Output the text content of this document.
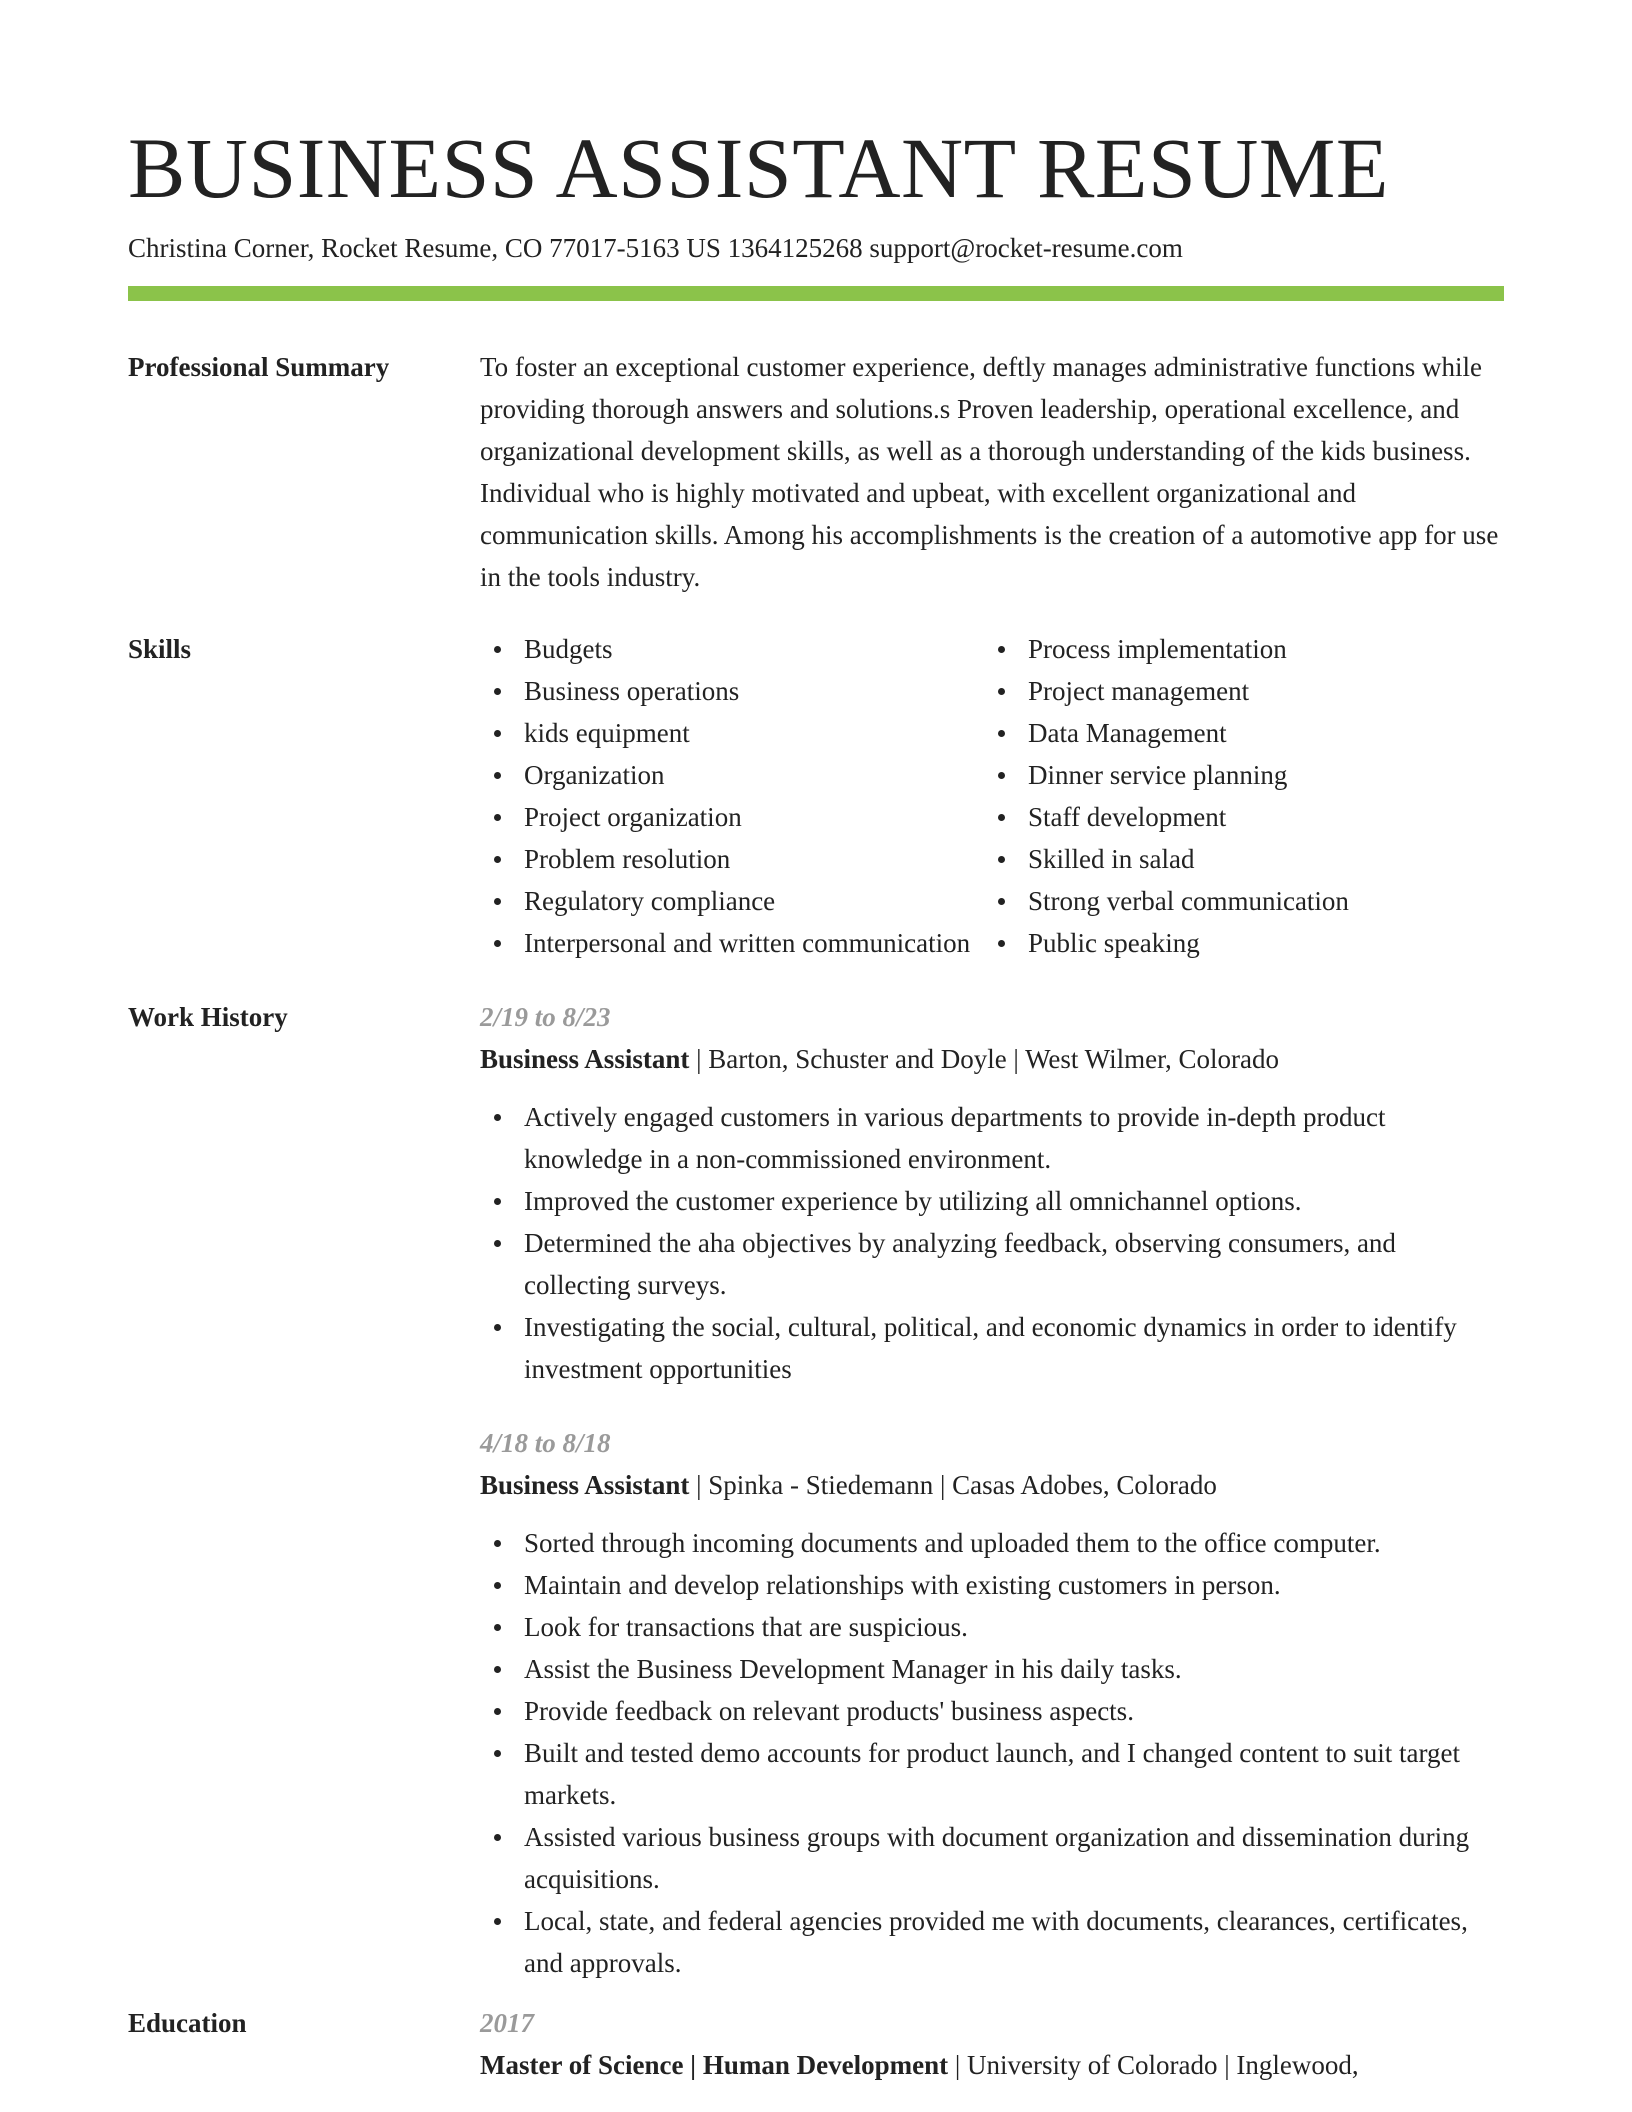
BUSINESS ASSISTANT RESUME
Christina Corner, Rocket Resume, CO 77017-5163 US 1364125268 support@rocket-resume.com
Professional Summary	To foster an exceptional customer experience, deftly manages administrative functions while providing thorough answers and solutions.s Proven leadership, operational excellence, and organizational development skills, as well as a thorough understanding of the kids business. Individual who is highly motivated and upbeat, with excellent organizational and communication skills. Among his accomplishments is the creation of a automotive app for use in the tools industry.

Skills	Budgets
Business operations
kids equipment
Organization
Project organization
Problem resolution
Regulatory compliance
Interpersonal and written communication
Process implementation
Project management
Data Management
Dinner service planning
Staff development
Skilled in salad
Strong verbal communication
Public speaking
Work History	2/19 to 8/23
Business Assistant | Barton, Schuster and Doyle | West Wilmer, Colorado
Actively engaged customers in various departments to provide in-depth product knowledge in a non-commissioned environment.
Improved the customer experience by utilizing all omnichannel options.
Determined the aha objectives by analyzing feedback, observing consumers, and collecting surveys.
Investigating the social, cultural, political, and economic dynamics in order to identify investment opportunities
4/18 to 8/18
Business Assistant | Spinka - Stiedemann | Casas Adobes, Colorado
Sorted through incoming documents and uploaded them to the office computer.
Maintain and develop relationships with existing customers in person.
Look for transactions that are suspicious.
Assist the Business Development Manager in his daily tasks.
Provide feedback on relevant products' business aspects.
Built and tested demo accounts for product launch, and I changed content to suit target markets.
Assisted various business groups with document organization and dissemination during acquisitions.
Local, state, and federal agencies provided me with documents, clearances, certificates, and approvals.
Education	2017
Master of Science | Human Development | University of Colorado | Inglewood,
